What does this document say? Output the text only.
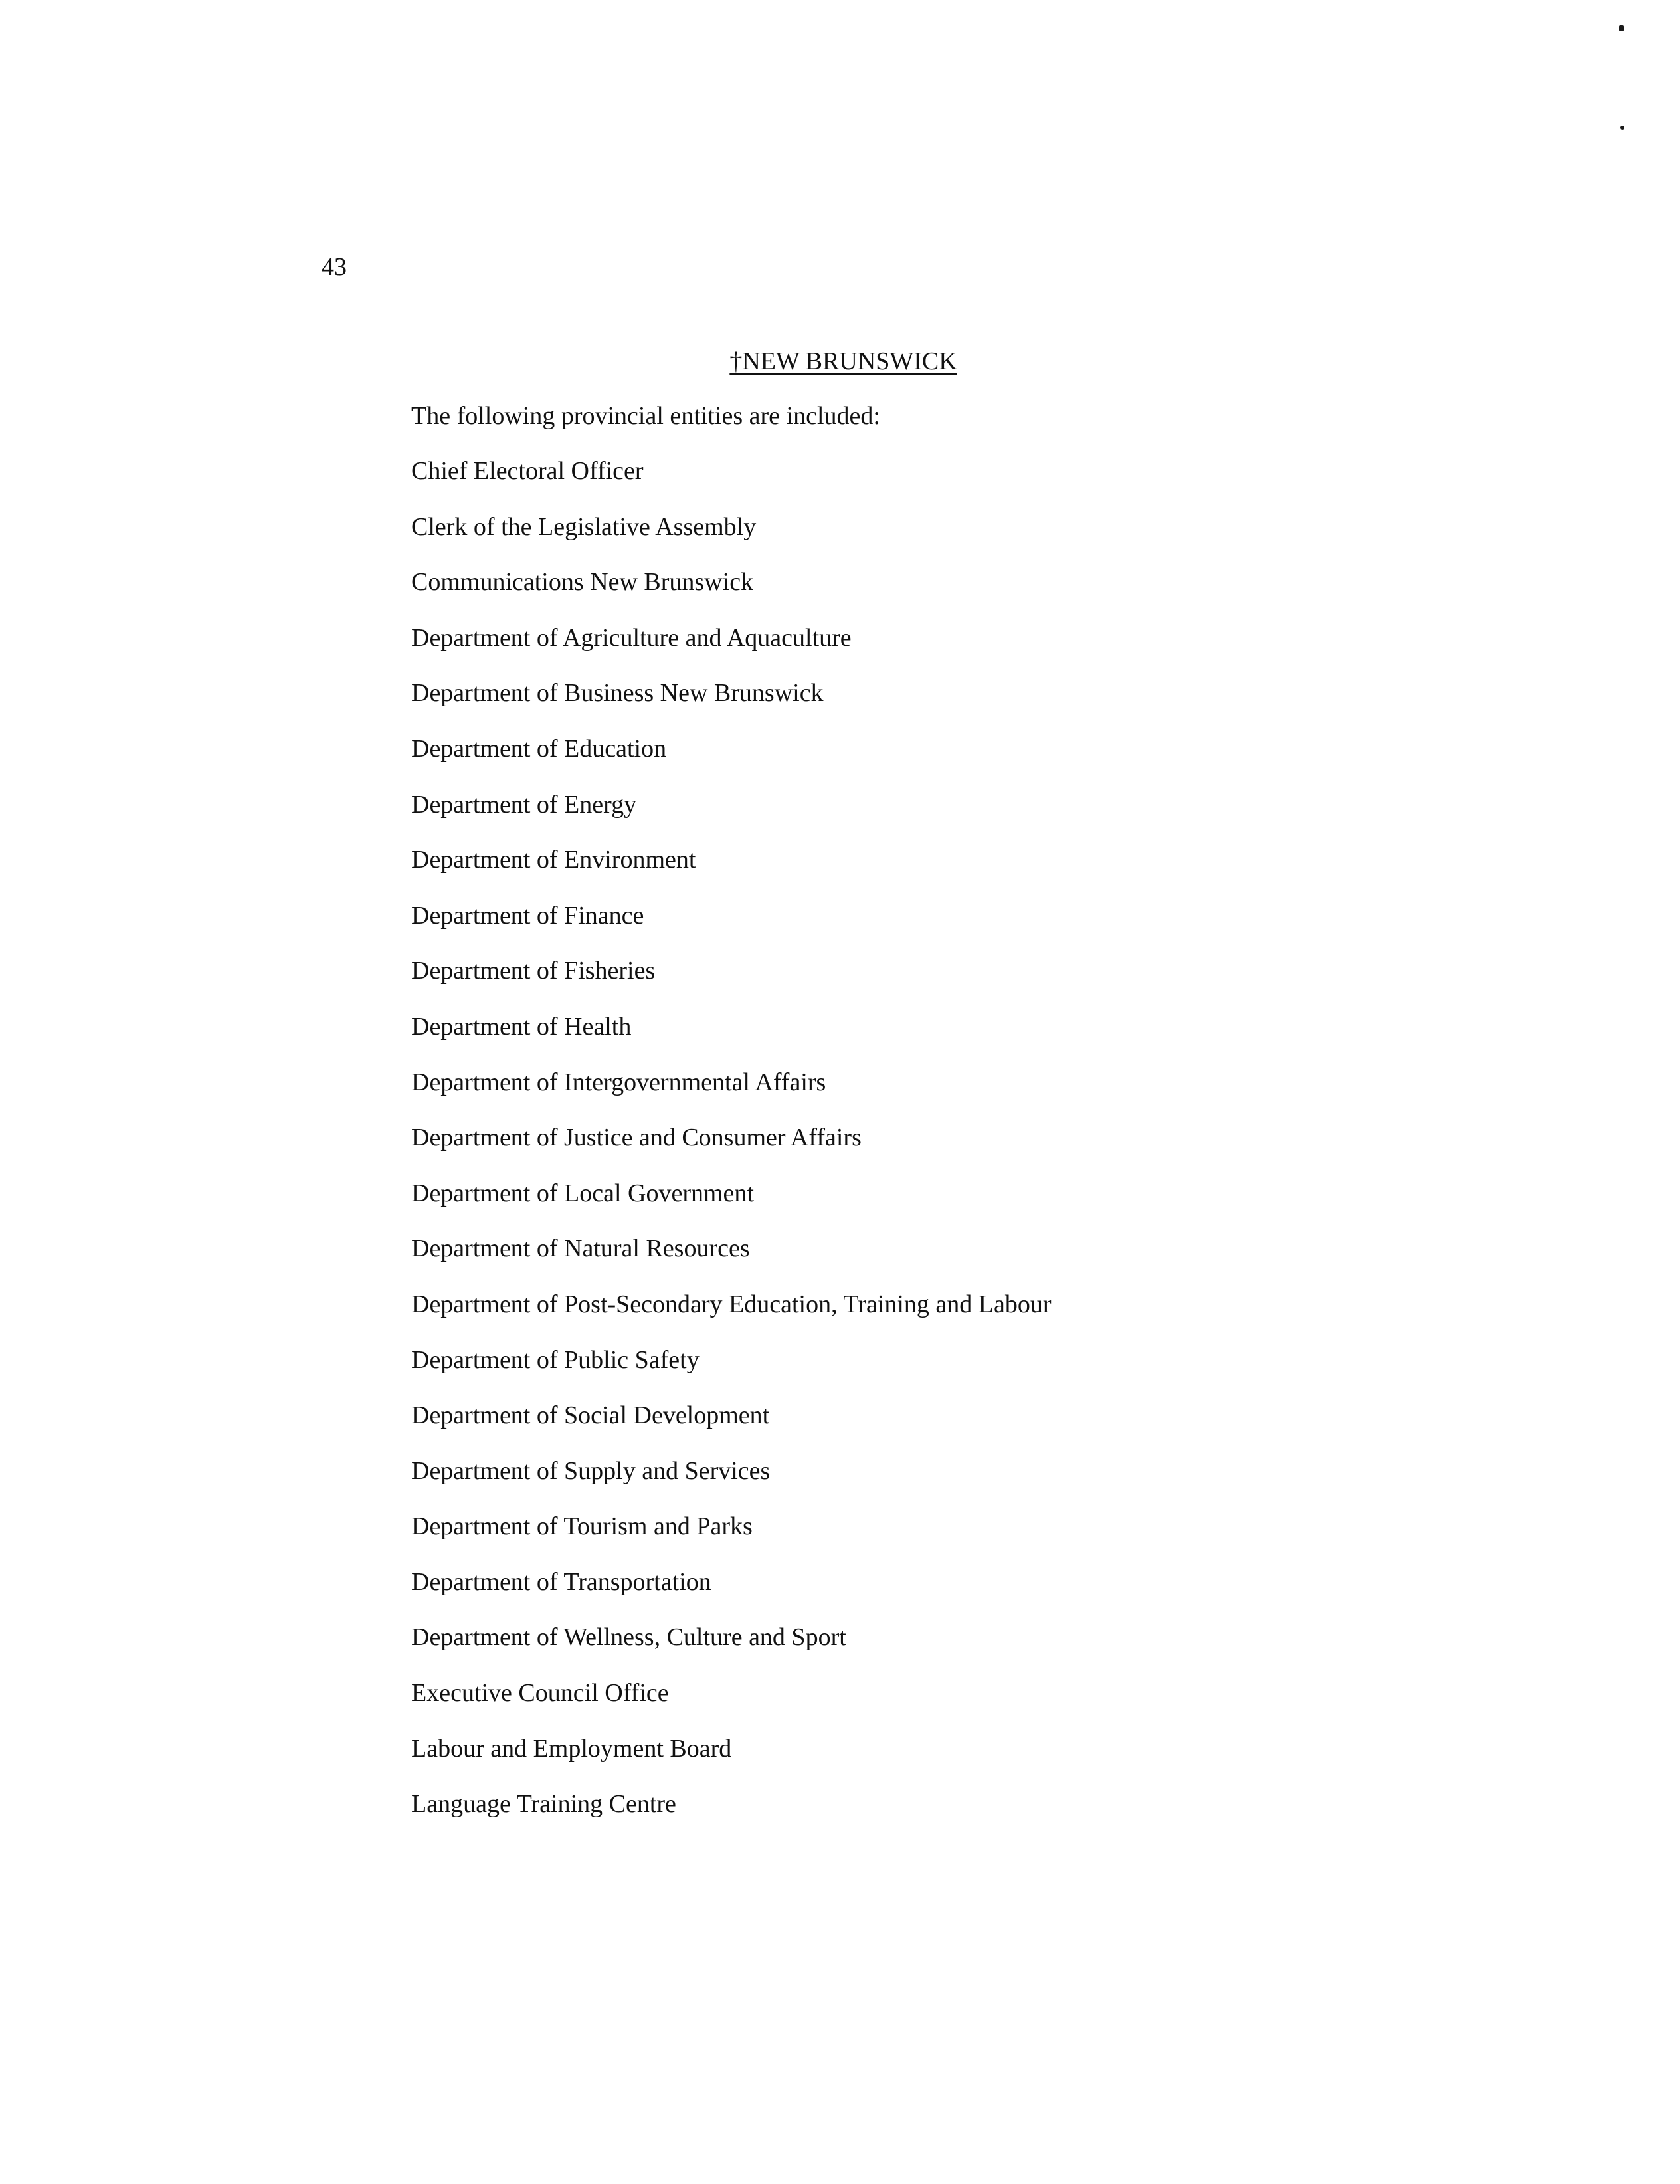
43
†NEW BRUNSWICK
The following provincial entities are included:
Chief Electoral Officer
Clerk of the Legislative Assembly
Communications New Brunswick
Department of Agriculture and Aquaculture
Department of Business New Brunswick
Department of Education
Department of Energy
Department of Environment
Department of Finance
Department of Fisheries
Department of Health
Department of Intergovernmental Affairs
Department of Justice and Consumer Affairs
Department of Local Government
Department of Natural Resources
Department of Post-Secondary Education, Training and Labour
Department of Public Safety
Department of Social Development
Department of Supply and Services
Department of Tourism and Parks
Department of Transportation
Department of Wellness, Culture and Sport
Executive Council Office
Labour and Employment Board
Language Training Centre
